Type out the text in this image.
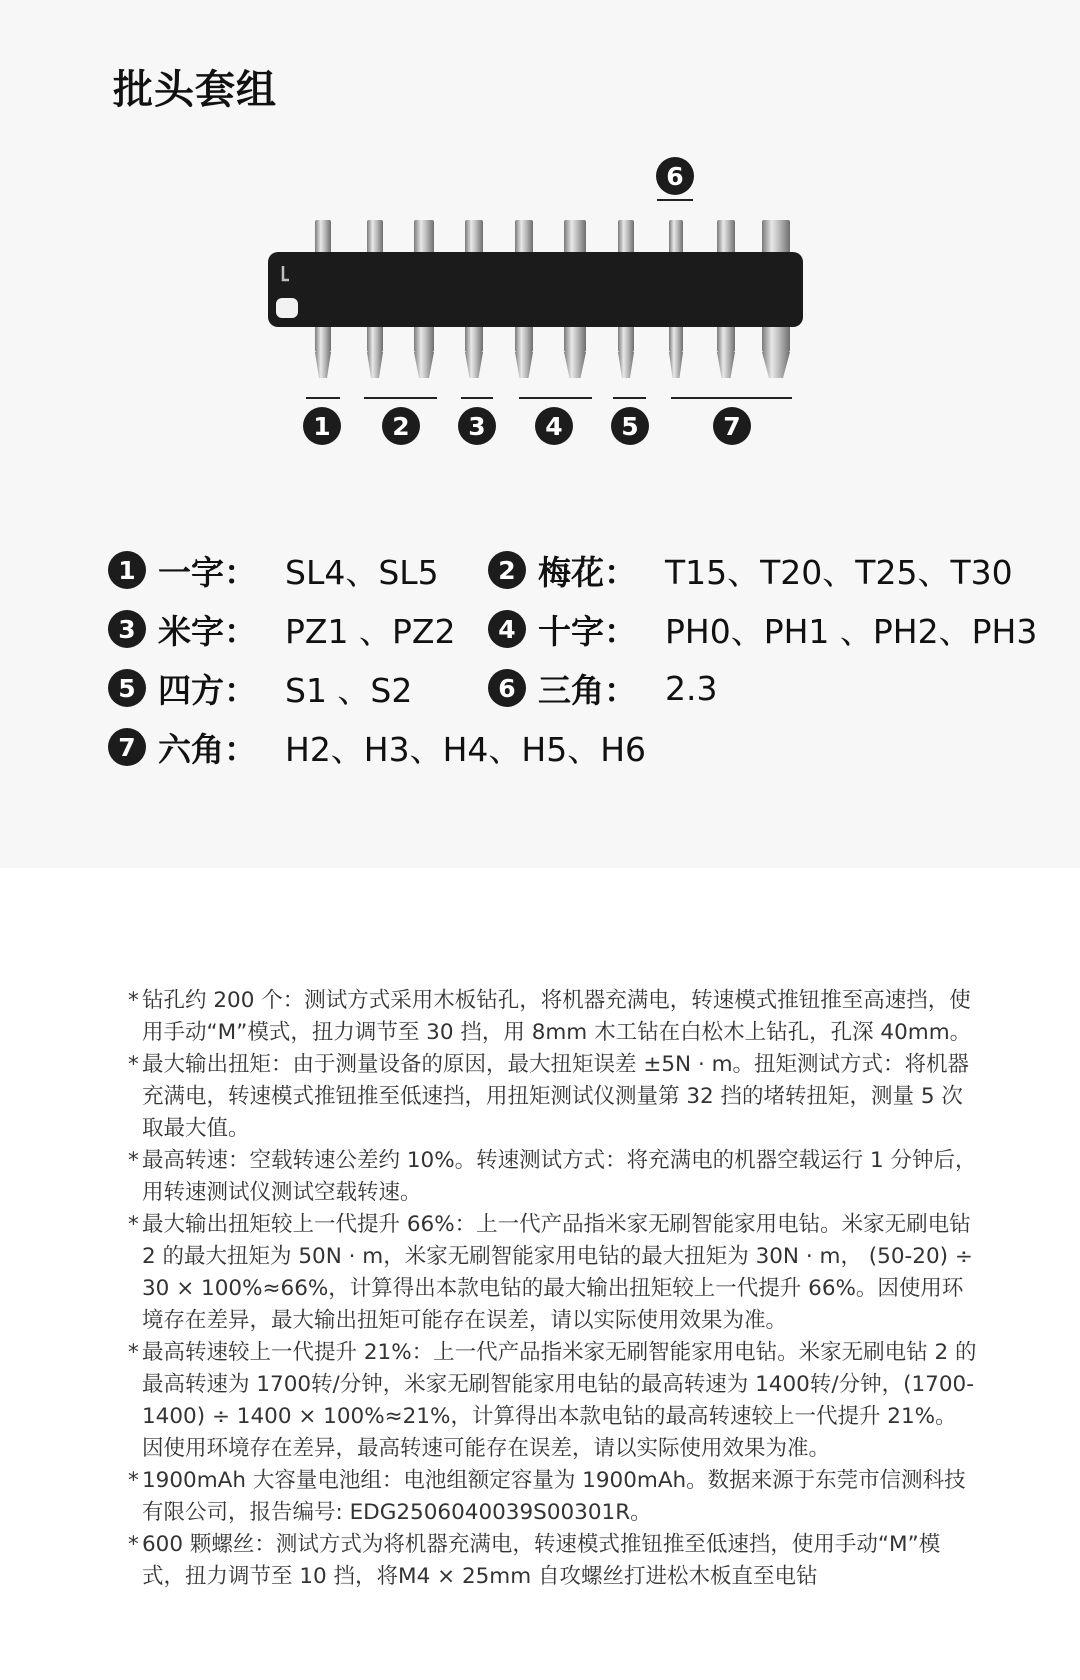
批头套组
1 2 3 4 5	7
6
1 一字： SL4、SL5	2 梅花： T15、T20、T25、T30
3 米字： PZ1 、PZ2	4 十字： PH0、PH1 、PH2、PH3
5 四方： S1 、S2	6 三角： 2.3
7 六角： H2、H3、H4、H5、H6

* 钻孔约 200 个：测试方式采用木板钻孔，将机器充满电，转速模式推钮推至高速挡，使用手动“M”模式，扭力调节至 30 挡，用 8mm 木工钻在白松木上钻孔，孔深 40mm。

* 最大输出扭矩：由于测量设备的原因，最大扭矩误差 ±5N · m。扭矩测试方式：将机器充满电，转速模式推钮推至低速挡，用扭矩测试仪测量第 32 挡的堵转扭矩，测量 5 次取最大值。

* 最高转速：空载转速公差约 10%。转速测试方式：将充满电的机器空载运行 1 分钟后，用转速测试仪测试空载转速。

* 最大输出扭矩较上一代提升 66%：上一代产品指米家无刷智能家用电钻。米家无刷电钻 2 的最大扭矩为 50N · m，米家无刷智能家用电钻的最大扭矩为 30N · m， (50-20) ÷ 30 × 100%≈66%，计算得出本款电钻的最大输出扭矩较上一代提升 66%。因使用环境存在差异，最大输出扭矩可能存在误差，请以实际使用效果为准。

* 最高转速较上一代提升 21%：上一代产品指米家无刷智能家用电钻。米家无刷电钻 2 的最高转速为 1700转/分钟，米家无刷智能家用电钻的最高转速为 1400转/分钟，(1700-1400) ÷ 1400 × 100%≈21%，计算得出本款电钻的最高转速较上一代提升 21%。因使用环境存在差异，最高转速可能存在误差，请以实际使用效果为准。

* 1900mAh 大容量电池组：电池组额定容量为 1900mAh。数据来源于东莞市信测科技有限公司，报告编号: EDG2506040039S00301R。

* 600 颗螺丝：测试方式为将机器充满电，转速模式推钮推至低速挡，使用手动“M”模式，扭力调节至 10 挡，将M4 × 25mm 自攻螺丝打进松木板直至电钻
